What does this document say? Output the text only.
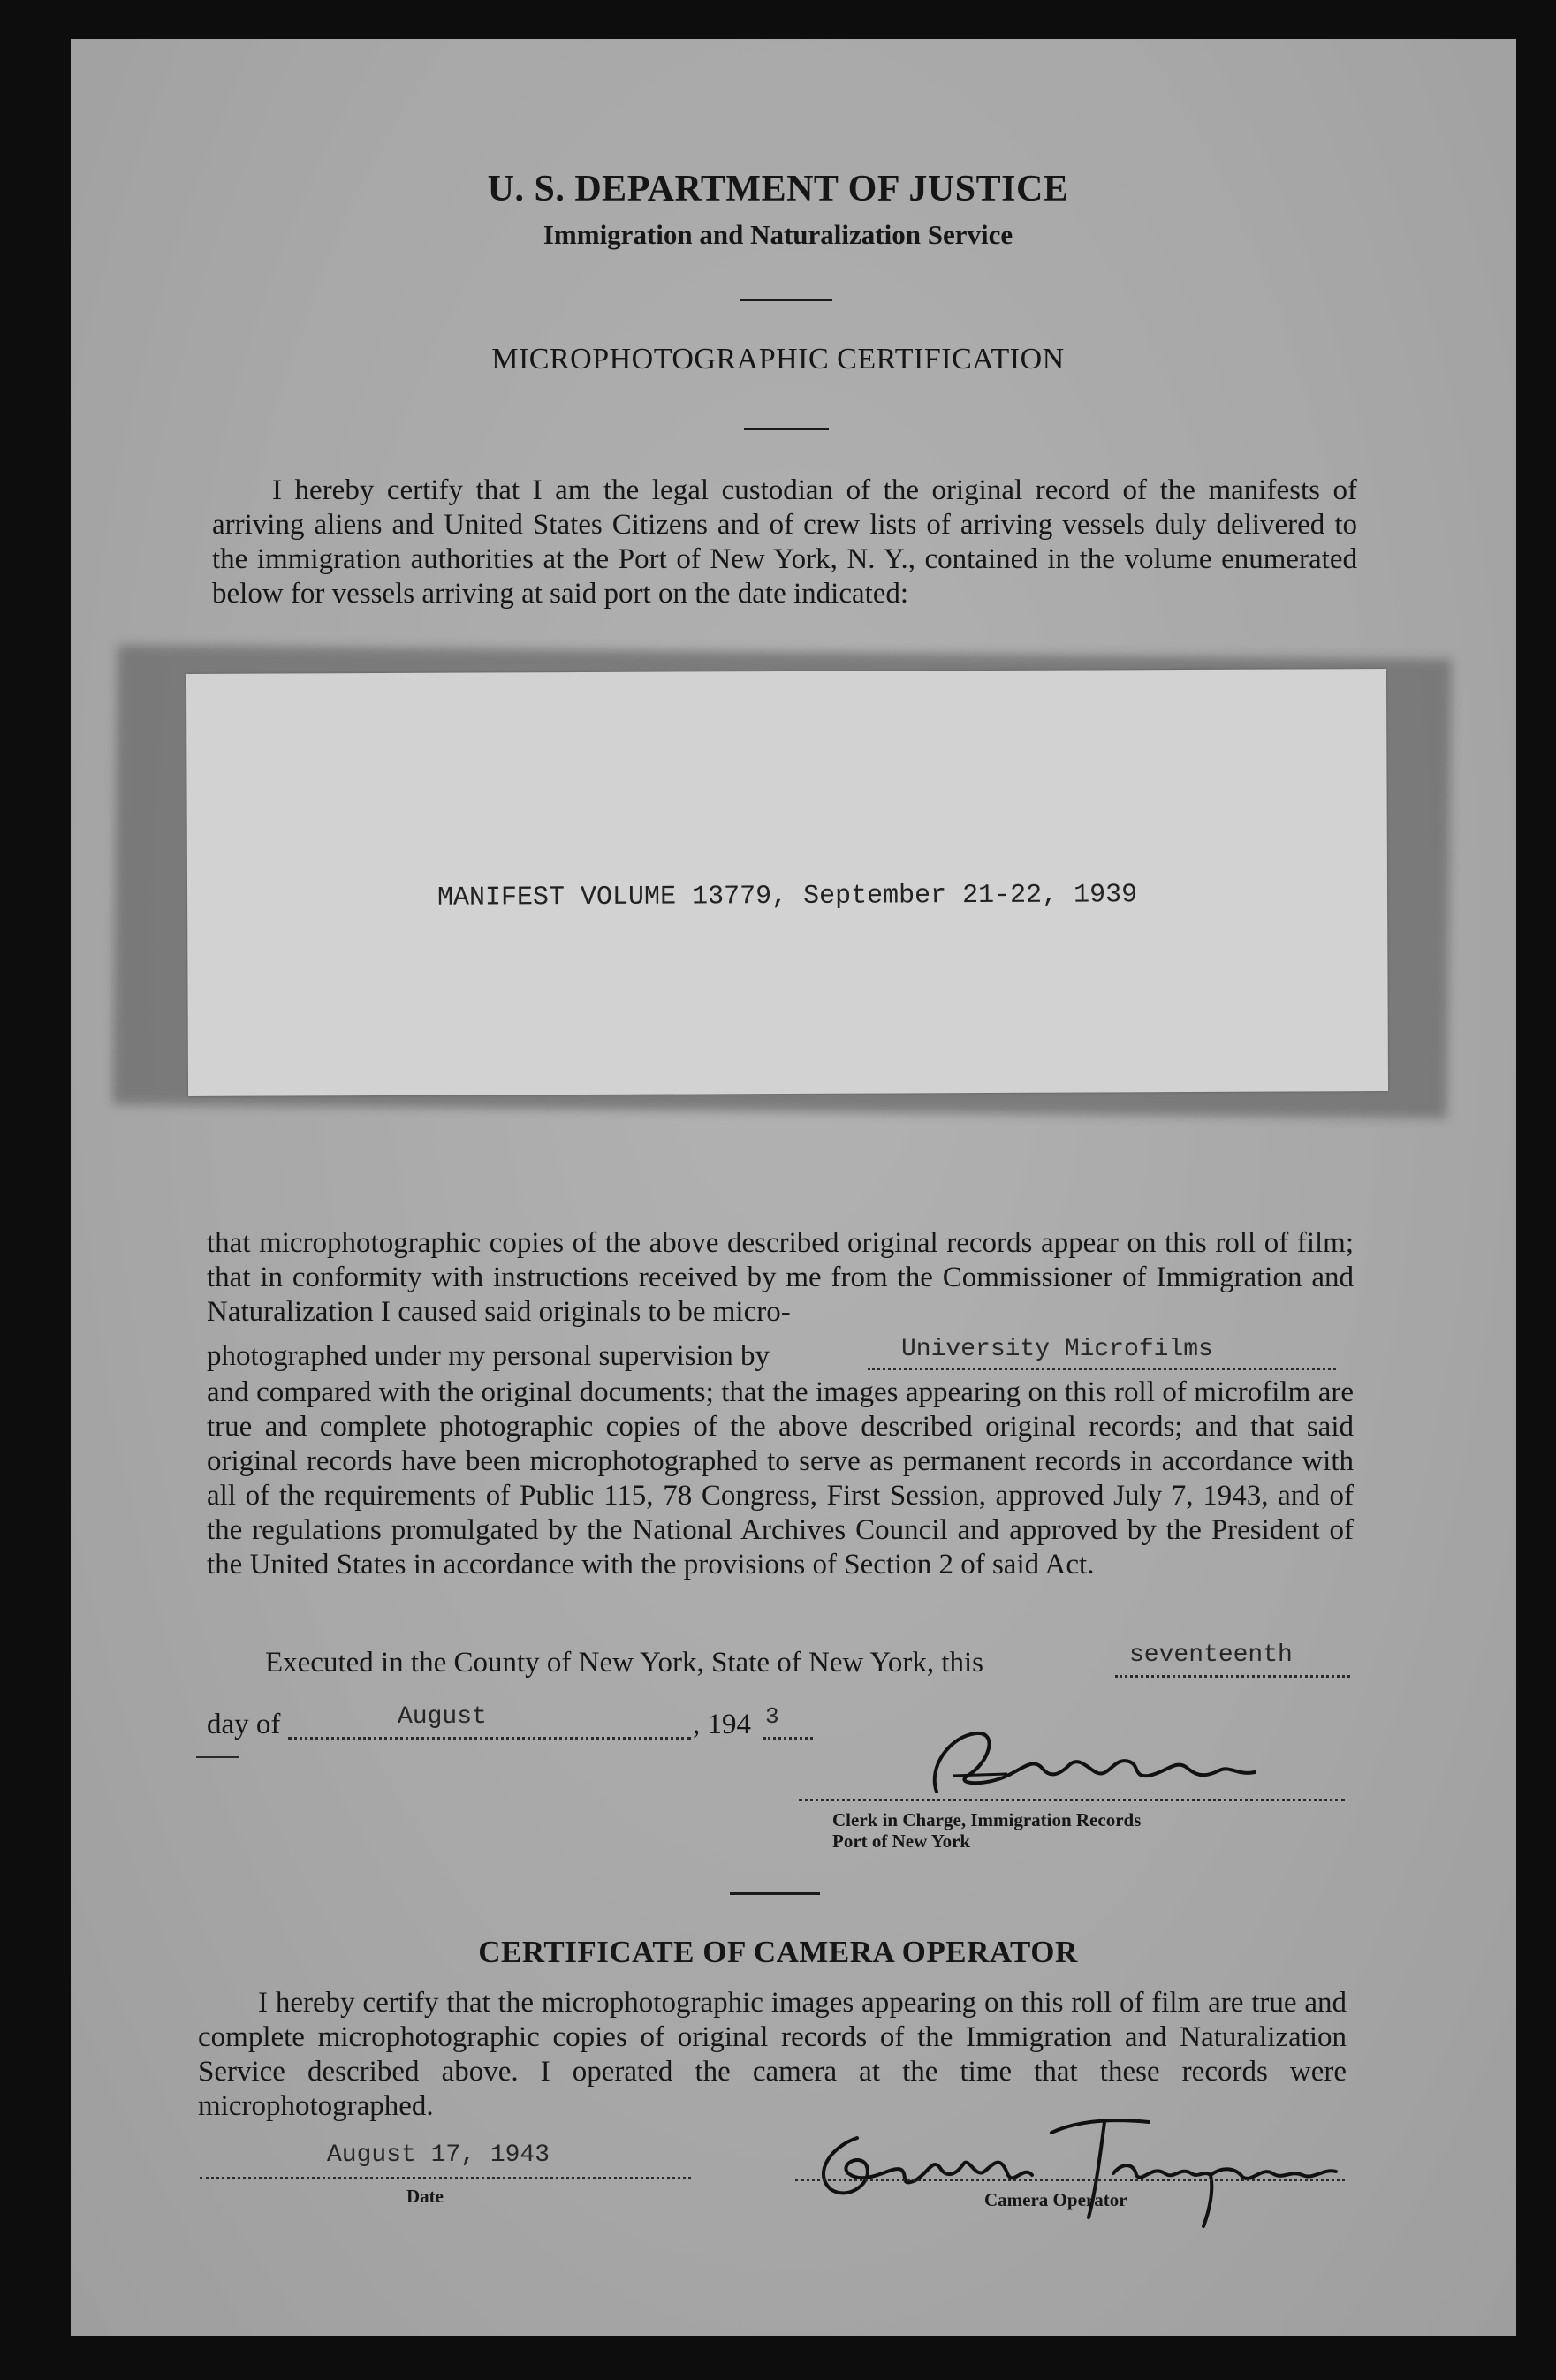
U. S. DEPARTMENT OF JUSTICE
Immigration and Naturalization Service
MICROPHOTOGRAPHIC CERTIFICATION

I hereby certify that I am the legal custodian of the original record of the manifests of arriving aliens and United States Citizens and of crew lists of arriving vessels duly delivered to the immigration authorities at the Port of New York, N. Y., contained in the volume enumerated below for vessels arriving at said port on the date indicated:

MANIFEST VOLUME 13779, September 21-22, 1939

that microphotographic copies of the above described original records appear on this roll of film; that in conformity with instructions received by me from the Commissioner of Immigration and Naturalization I caused said originals to be micro-

photographed under my personal supervision by	University Microfilms

and compared with the original documents; that the images appearing on this roll of microfilm are true and complete photographic copies of the above described original records; and that said original records have been microphotographed to serve as permanent records in accordance with all of the requirements of Public 115, 78 Congress, First Session, approved July 7, 1943, and of the regulations promulgated by the National Archives Council and approved by the President of the United States in accordance with the provisions of Section 2 of said Act.

Executed in the County of New York, State of New York, this	seventeenth
day of	August	, 194 3
Clerk in Charge, Immigration Records
Port of New York
CERTIFICATE OF CAMERA OPERATOR

I hereby certify that the microphotographic images appearing on this roll of film are true and complete microphotographic copies of original records of the Immigration and Naturalization Service described above. I operated the camera at the time that these records were microphotographed.

August 17, 1943
Date	Camera Operator
